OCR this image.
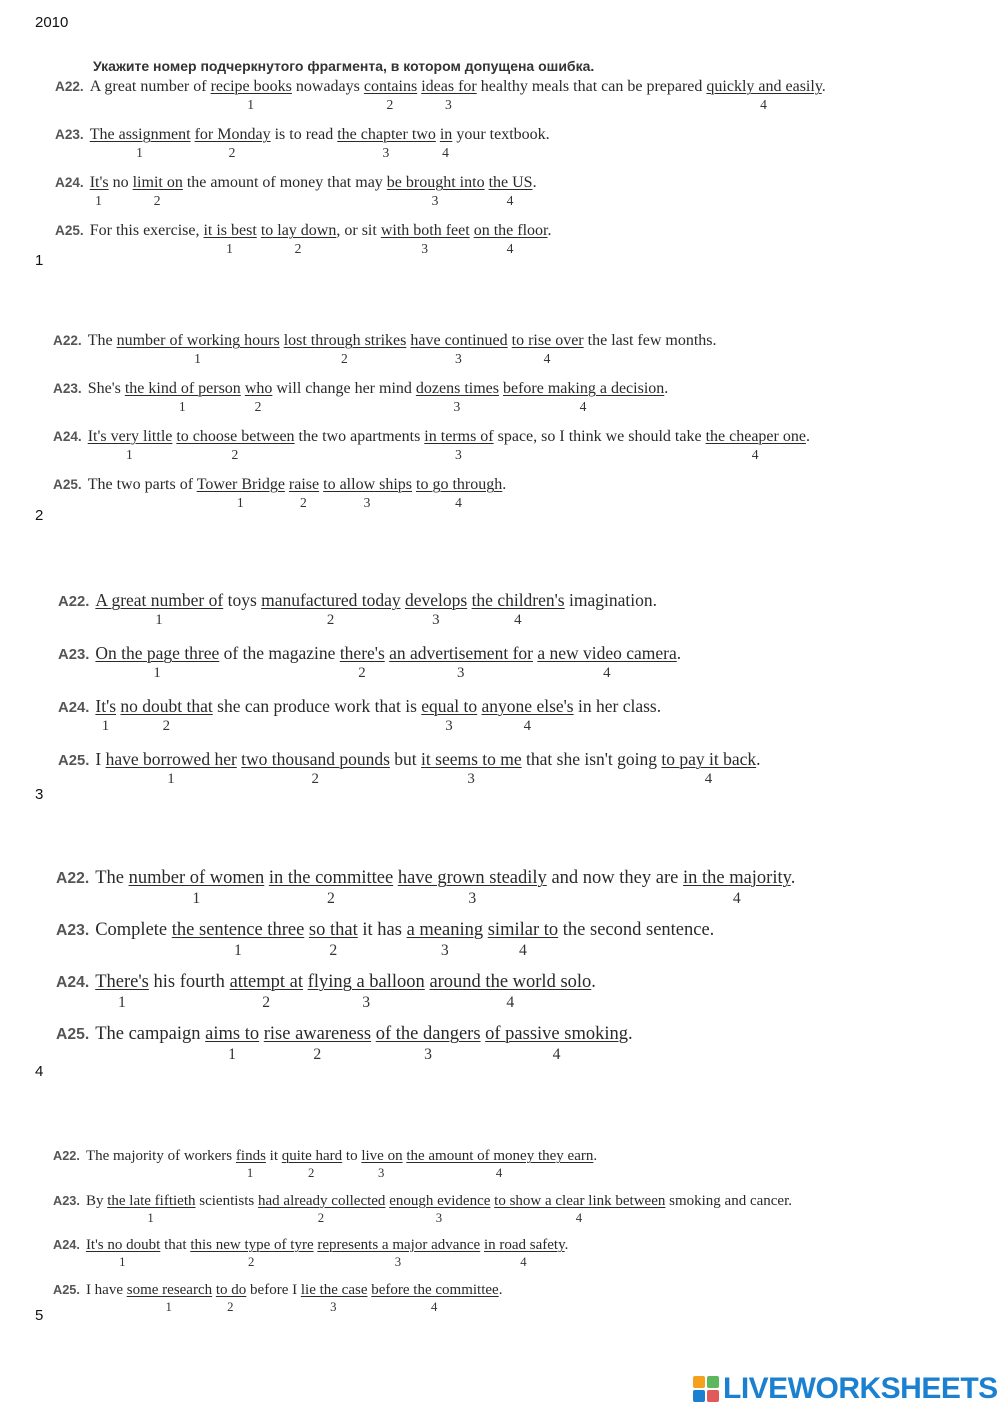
2010
Укажите номер подчеркнутого фрагмента, в котором допущена ошибка.
A22. A great number of recipe books nowadays contains ideas for healthy meals that can be prepared quickly and easily.
1	2	3	4
A23. The assignment for Monday is to read the chapter two in your textbook.
1	2	3	4
A24. It's no limit on the amount of money that may be brought into the US.
1	2	3	4
A25. For this exercise, it is best to lay down, or sit with both feet on the floor.
1	2	3	4
A22. The number of working hours lost through strikes have continued to rise over the last few months.
1	2	3	4
A23. She's the kind of person who will change her mind dozens times before making a decision.
1	2	3	4
A24. It's very little to choose between the two apartments in terms of space, so I think we should take the cheaper one.
1	2	3	4
A25. The two parts of Tower Bridge raise to allow ships to go through.
1	2	3	4
A22. A great number of toys manufactured today develops the children's imagination.
1	2	3	4
A23. On the page three of the magazine there's an advertisement for a new video camera.
1	2	3	4
A24. It's no doubt that she can produce work that is equal to anyone else's in her class.
1	2	3	4
A25. I have borrowed her two thousand pounds but it seems to me that she isn't going to pay it back.
1	2	3	4
A22. The number of women in the committee have grown steadily and now they are in the majority.
1	2	3	4
A23. Complete the sentence three so that it has a meaning similar to the second sentence.
1	2	3	4
A24. There's his fourth attempt at flying a balloon around the world solo.
1	2	3	4
A25. The campaign aims to rise awareness of the dangers of passive smoking.
1	2	3	4
A22. The majority of workers finds it quite hard to live on the amount of money they earn.
1	2	3	4
A23. By the late fiftieth scientists had already collected enough evidence to show a clear link between smoking and cancer.
1	2	3	4
A24. It's no doubt that this new type of tyre represents a major advance in road safety.
1	2	3	4
A25. I have some research to do before I lie the case before the committee.
1	2	3	4
LIVEWORKSHEETS
1
2
3
4
5
